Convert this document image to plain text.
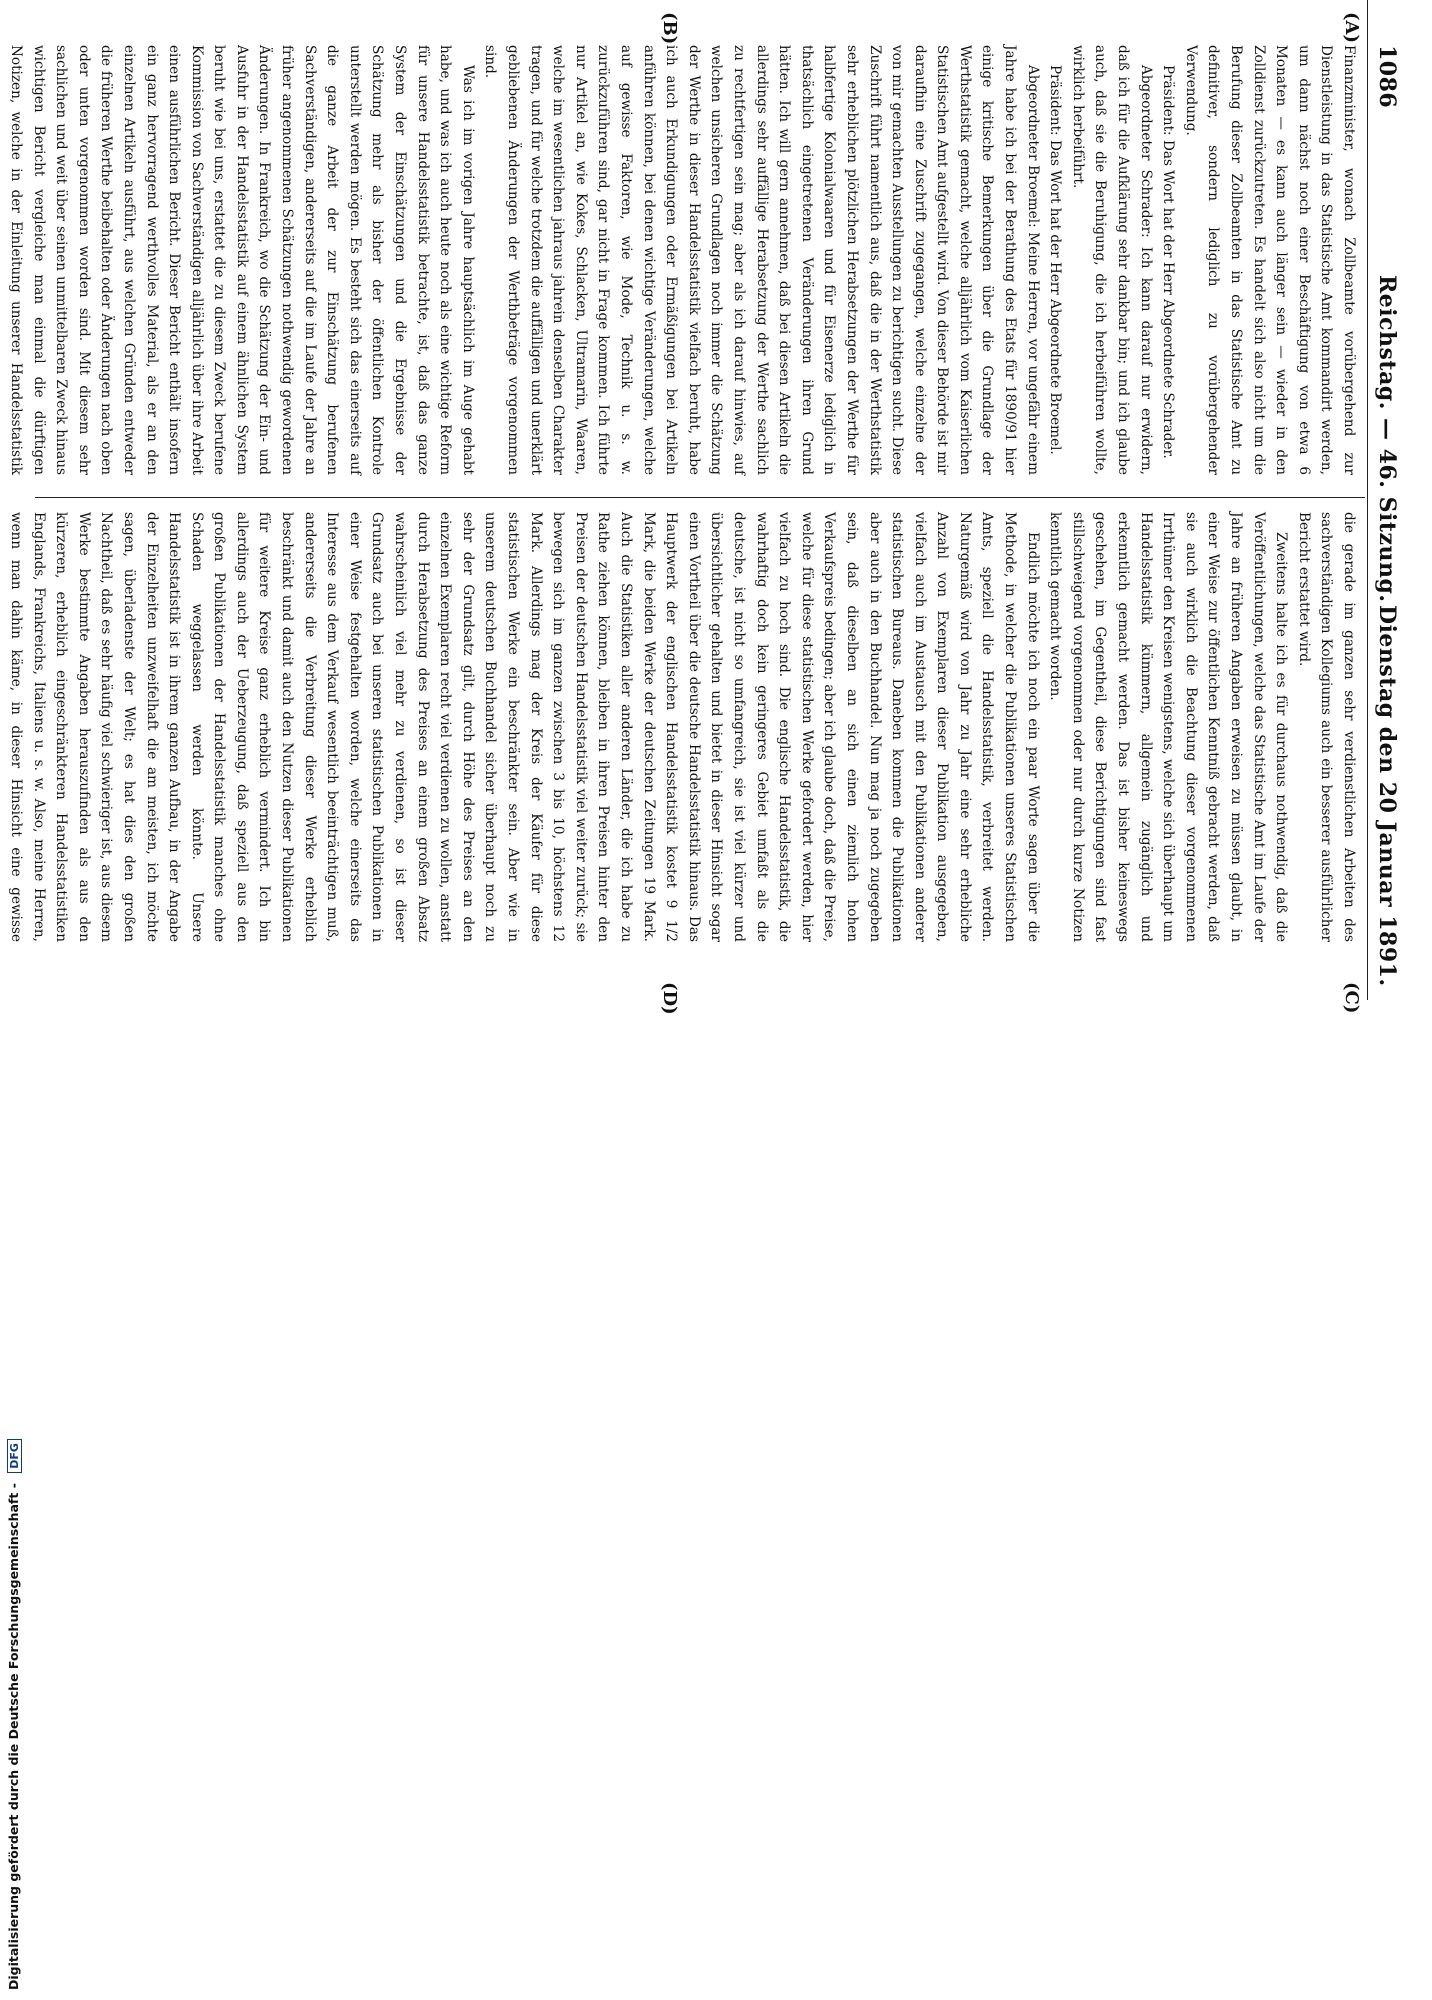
1086
Reichstag. — 46. Sitzung.
Dienstag den 20 Januar 1891.
(A)
(B)
(C)
(D)

Finanzminister, wonach Zollbeamte vorübergehend zur Dienstleistung in das Statistische Amt kommandirt werden, um dann nächst noch einer Beschäftigung von etwa 6 Monaten — es kann auch länger sein — wieder in den Zolldienst zurückzutreten. Es handelt sich also nicht um die Berufung dieser Zollbeamten in das Statistische Amt zu definitiver, sondern lediglich zu vorübergehender Verwendung.

Präsident: Das Wort hat der Herr Abgeordnete Schrader.

Abgeordneter Schrader: Ich kann darauf nur erwidern, daß ich für die Aufklärung sehr dankbar bin; und ich glaube auch, daß sie die Beruhigung, die ich herbeiführen wollte, wirklich herbeiführt.

Präsident: Das Wort hat der Herr Abgeordnete Broemel.

Abgeordneter Broemel: Meine Herren, vor ungefähr einem Jahre habe ich bei der Berathung des Etats für 1890/91 hier einige kritische Bemerkungen über die Grundlage der Werthstatistik gemacht, welche alljährlich vom Kaiserlichen Statistischen Amt aufgestellt wird. Von dieser Behörde ist mir daraufhin eine Zuschrift zugegangen, welche einzelne der von mir gemachten Ausstellungen zu berichtigen sucht. Diese Zuschrift führt namentlich aus, daß die in der Werthstatistik sehr erheblichen plötzlichen Herabsetzungen der Werthe für halbfertige Kolonialwaaren und für Eisenerze lediglich in thatsächlich eingetretenen Veränderungen ihren Grund hätten. Ich will gern annehmen, daß bei diesen Artikeln die allerdings sehr auffällige Herabsetzung der Werthe sachlich zu rechtfertigen sein mag; aber als ich darauf hinwies, auf welchen unsicheren Grundlagen noch immer die Schätzung der Werthe in dieser Handelsstatistik vielfach beruht, habe ich auch Erkundigungen oder Ermäßigungen bei Artikeln anführen können, bei denen wichtige Veränderungen, welche auf gewisse Faktoren, wie Mode, Technik u. s. w. zurückzuführen sind, gar nicht in Frage kommen. Ich führte nur Artikel an, wie Kokes, Schlacken, Ultramarin, Waaren, welche im wesentlichen jahraus jahrein denselben Charakter tragen, und für welche trotzdem die auffälligen und unerklärt gebliebenen Änderungen der Werthbeträge vorgenommen sind.

Was ich im vorigen Jahre hauptsächlich im Auge gehabt habe, und was ich auch heute noch als eine wichtige Reform für unsere Handelsstatistik betrachte, ist, daß das ganze System der Einschätzungen und die Ergebnisse der Schätzung mehr als bisher der öffentlichen Kontrole unterstellt werden mögen. Es besteht sich das einerseits auf die ganze Arbeit der zur Einschätzung berufenen Sachverständigen, andererseits auf die im Laufe der Jahre an früher angenommenen Schätzungen nothwendig gewordenen Änderungen. In Frankreich, wo die Schätzung der Ein- und Ausfuhr in der Handelsstatistik auf einem ähnlichen System beruht wie bei uns, erstattet die zu diesem Zweck berufene Kommission von Sachverständigen alljährlich über ihre Arbeit einen ausführlichen Bericht. Dieser Bericht enthält insofern ein ganz hervorragend werthvolles Material, als er an den einzelnen Artikeln ausführt, aus welchen Gründen entweder die früheren Werthe beibehalten oder Änderungen nach oben oder unten vorgenommen worden sind. Mit diesem sehr sachlichen und weit über seinen unmittelbaren Zweck hinaus wichtigen Bericht vergleiche man einmal die dürftigen Notizen, welche in der Einleitung unserer Handelsstatistik

die gerade im ganzen sehr verdienstlichen Arbeiten des sachverständigen Kollegiums auch ein besserer ausführlicher Bericht erstattet wird.

Zweitens halte ich es für durchaus nothwendig, daß die Veröffentlichungen, welche das Statistische Amt im Laufe der Jahre an früheren Angaben erweisen zu müssen glaubt, in einer Weise zur öffentlichen Kenntniß gebracht werden, daß sie auch wirklich die Beachtung dieser vorgenommenen Irrthümer den Kreisen wenigstens, welche sich überhaupt um Handelsstatistik kümmern, allgemein zugänglich und erkenntlich gemacht werden. Das ist bisher keineswegs geschehen, im Gegentheil, diese Berichtigungen sind fast stillschweigend vorgenommen oder nur durch kurze Notizen kenntlich gemacht worden.

Endlich möchte ich noch ein paar Worte sagen über die Methode, in welcher die Publikationen unseres Statistischen Amts, speziell die Handelsstatistik, verbreitet werden. Naturgemäß wird von Jahr zu Jahr eine sehr erhebliche Anzahl von Exemplaren dieser Publikation ausgegeben, vielfach auch im Austausch mit den Publikationen anderer statistischen Bureaus. Daneben kommen die Publikationen aber auch in den Buchhandel. Nun mag ja noch zugegeben sein, daß dieselben an sich einen ziemlich hohen Verkaufspreis bedingen; aber ich glaube doch, daß die Preise, welche für diese statistischen Werke gefordert werden, hier vielfach zu hoch sind. Die englische Handelsstatistik, die wahrhaftig doch kein geringeres Gebiet umfaßt als die deutsche, ist nicht so umfangreich, sie ist viel kürzer und übersichtlicher gehalten und bietet in dieser Hinsicht sogar einen Vortheil über die deutsche Handelsstatistik hinaus. Das Hauptwerk der englischen Handelsstatistik kostet 9 1/2 Mark, die beiden Werke der deutschen Zeitungen 19 Mark. Auch die Statistiken aller anderen Länder, die ich habe zu Rathe ziehen können, bleiben in ihren Preisen hinter den Preisen der deutschen Handelsstatistik viel weiter zurück; sie bewegen sich im ganzen zwischen 3 bis 10, höchstens 12 Mark. Allerdings mag der Kreis der Käufer für diese statistischen Werke ein beschränkter sein. Aber wie in unserem deutschen Buchhandel sicher überhaupt noch zu sehr der Grundsatz gilt, durch Höhe des Preises an den einzelnen Exemplaren recht viel verdienen zu wollen, anstatt durch Herabsetzung des Preises an einem großen Absatz wahrscheinlich viel mehr zu verdienen, so ist dieser Grundsatz auch bei unseren statistischen Publikationen in einer Weise festgehalten worden, welche einerseits das Interesse aus dem Verkauf wesentlich beeinträchtigen muß, andererseits die Verbreitung dieser Werke erheblich beschränkt und damit auch den Nutzen dieser Publikationen für weitere Kreise ganz erheblich vermindert. Ich bin allerdings auch der Ueberzeugung, daß speziell aus den großen Publikationen der Handelsstatistik manches ohne Schaden weggelassen werden könnte. Unsere Handelsstatistik ist in ihrem ganzen Aufbau, in der Angabe der Einzelheiten unzweifelhaft die am meisten, ich möchte sagen, überladenste der Welt; es hat dies den großen Nachtheil, daß es sehr häufig viel schwieriger ist, aus diesem Werke bestimmte Angaben herauszufinden als aus den kürzeren, erheblich eingeschränkteren Handelsstatistiken Englands, Frankreichs, Italiens u. s. w. Also, meine Herren, wenn man dahin käme, in dieser Hinsicht eine gewisse

Digitalisierung gefördert durch die Deutsche Forschungsgemeinschaft - DFG
